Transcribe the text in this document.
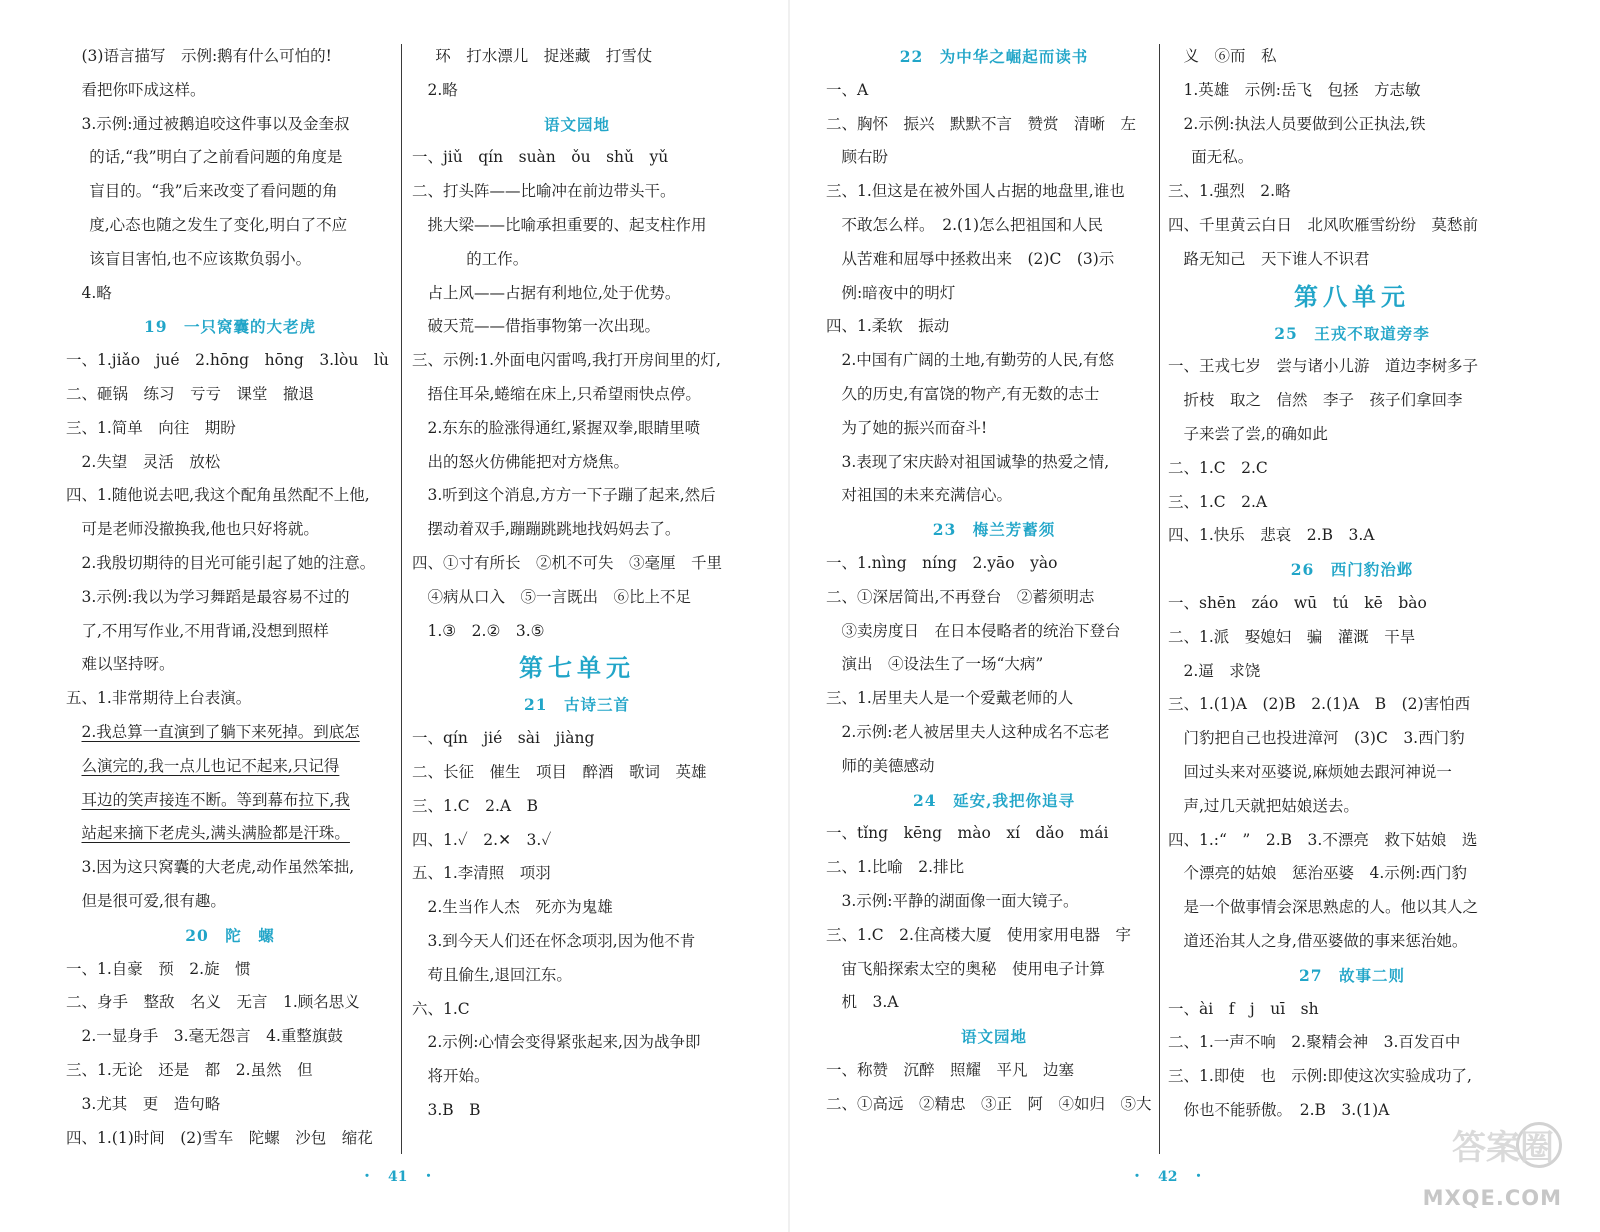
(3)语言描写　示例:鹅有什么可怕的!
看把你吓成这样。
3.示例:通过被鹅追咬这件事以及金奎叔
的话,“我”明白了之前看问题的角度是
盲目的。“我”后来改变了看问题的角
度,心态也随之发生了变化,明白了不应
该盲目害怕,也不应该欺负弱小。
4.略
19　一只窝囊的大老虎
一、1.jiǎo　jué　2.hōng　hōng　3.lòu　lù
二、砸锅　练习　亏亏　课堂　撤退
三、1.简单　向往　期盼
2.失望　灵活　放松
四、1.随他说去吧,我这个配角虽然配不上他,
可是老师没撤换我,他也只好将就。
2.我殷切期待的目光可能引起了她的注意。
3.示例:我以为学习舞蹈是最容易不过的
了,不用写作业,不用背诵,没想到照样
难以坚持呀。
五、1.非常期待上台表演。
2.我总算一直演到了躺下来死掉。到底怎
么演完的,我一点儿也记不起来,只记得
耳边的笑声接连不断。等到幕布拉下,我
站起来摘下老虎头,满头满脸都是汗珠。
3.因为这只窝囊的大老虎,动作虽然笨拙,
但是很可爱,很有趣。
20　陀　螺
一、1.自豪　预　2.旋　惯
二、身手　整敌　名义　无言　1.顾名思义
2.一显身手　3.毫无怨言　4.重整旗鼓
三、1.无论　还是　都　2.虽然　但
3.尤其　更　造句略
四、1.(1)时间　(2)雪车　陀螺　沙包　缩花
环　打水漂儿　捉迷藏　打雪仗
2.略
语文园地
一、jiǔ　qín　suàn　ǒu　shǔ　yǔ
二、打头阵——比喻冲在前边带头干。
挑大梁——比喻承担重要的、起支柱作用
的工作。
占上风——占据有利地位,处于优势。
破天荒——借指事物第一次出现。
三、示例:1.外面电闪雷鸣,我打开房间里的灯,
捂住耳朵,蜷缩在床上,只希望雨快点停。
2.东东的脸涨得通红,紧握双拳,眼睛里喷
出的怒火仿佛能把对方烧焦。
3.听到这个消息,方方一下子蹦了起来,然后
摆动着双手,蹦蹦跳跳地找妈妈去了。
四、①寸有所长　②机不可失　③毫厘　千里
④病从口入　⑤一言既出　⑥比上不足
1.③　2.②　3.⑤
第七单元
21　古诗三首
一、qín　jié　sài　jiàng
二、长征　催生　项目　醉酒　歌词　英雄
三、1.C　2.A　B
四、1.✓　2.✕　3.✓
五、1.李清照　项羽
2.生当作人杰　死亦为鬼雄
3.到今天人们还在怀念项羽,因为他不肯
苟且偷生,退回江东。
六、1.C
2.示例:心情会变得紧张起来,因为战争即
将开始。
3.B　B
22　为中华之崛起而读书
一、A
二、胸怀　振兴　默默不言　赞赏　清晰　左
顾右盼
三、1.但这是在被外国人占据的地盘里,谁也
不敢怎么样。　2.(1)怎么把祖国和人民
从苦难和屈辱中拯救出来　(2)C　(3)示
例:暗夜中的明灯
四、1.柔软　振动
2.中国有广阔的土地,有勤劳的人民,有悠
久的历史,有富饶的物产,有无数的志士
为了她的振兴而奋斗!
3.表现了宋庆龄对祖国诚挚的热爱之情,
对祖国的未来充满信心。
23　梅兰芳蓄须
一、1.nìng　níng　2.yāo　yào
二、①深居简出,不再登台　②蓄须明志
③卖房度日　在日本侵略者的统治下登台
演出　④设法生了一场“大病”
三、1.居里夫人是一个爱戴老师的人
2.示例:老人被居里夫人这种成名不忘老
师的美德感动
24　延安,我把你追寻
一、tǐng　kēng　mào　xí　dǎo　mái
二、1.比喻　2.排比
3.示例:平静的湖面像一面大镜子。
三、1.C　2.住高楼大厦　使用家用电器　宇
宙飞船探索太空的奥秘　使用电子计算
机　3.A
语文园地
一、称赞　沉醉　照耀　平凡　边塞
二、①高远　②精忠　③正　阿　④如归　⑤大
义　⑥而　私
1.英雄　示例:岳飞　包拯　方志敏
2.示例:执法人员要做到公正执法,铁
面无私。
三、1.强烈　2.略
四、千里黄云白日　北风吹雁雪纷纷　莫愁前
路无知己　天下谁人不识君
第八单元
25　王戎不取道旁李
一、王戎七岁　尝与诸小儿游　道边李树多子
折枝　取之　信然　李子　孩子们拿回李
子来尝了尝,的确如此
二、1.C　2.C
三、1.C　2.A
四、1.快乐　悲哀　2.B　3.A
26　西门豹治邺
一、shēn　záo　wū　tú　kē　bào
二、1.派　娶媳妇　骗　灌溉　干旱
2.逼　求饶
三、1.(1)A　(2)B　2.(1)A　B　(2)害怕西
门豹把自己也投进漳河　(3)C　3.西门豹
回过头来对巫婆说,麻烦她去跟河神说一
声,过几天就把姑娘送去。
四、1.:“　”　2.B　3.不漂亮　救下姑娘　选
个漂亮的姑娘　惩治巫婆　4.示例:西门豹
是一个做事情会深思熟虑的人。他以其人之
道还治其人之身,借巫婆做的事来惩治她。
27　故事二则
一、ài　f　j　uī　sh
二、1.一声不响　2.聚精会神　3.百发百中
三、1.即使　也　示例:即使这次实验成功了,
你也不能骄傲。　2.B　3.(1)A
・　41　・	・　42　・
答案圈
MXQE.COM
